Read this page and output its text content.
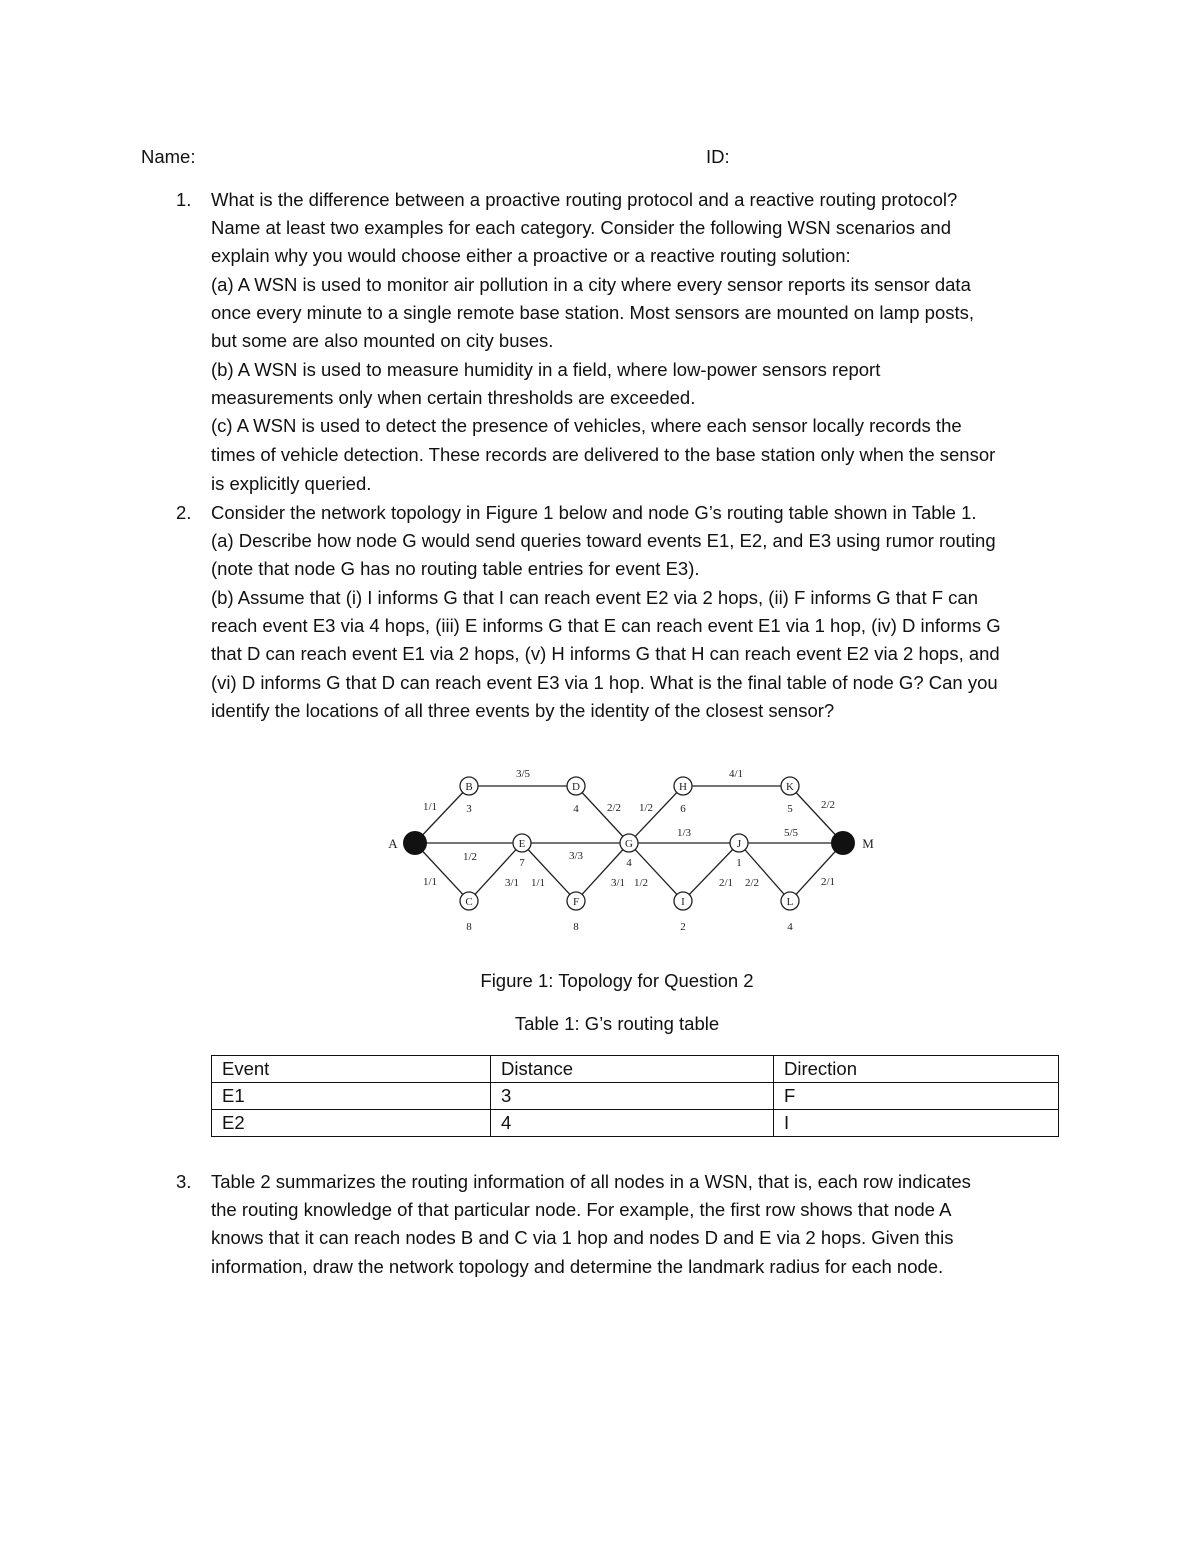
Name:	ID:
1. What is the difference between a proactive routing protocol and a reactive routing protocol?
Name at least two examples for each category. Consider the following WSN scenarios and
explain why you would choose either a proactive or a reactive routing solution:
(a) A WSN is used to monitor air pollution in a city where every sensor reports its sensor data
once every minute to a single remote base station. Most sensors are mounted on lamp posts,
but some are also mounted on city buses.
(b) A WSN is used to measure humidity in a field, where low-power sensors report
measurements only when certain thresholds are exceeded.
(c) A WSN is used to detect the presence of vehicles, where each sensor locally records the
times of vehicle detection. These records are delivered to the base station only when the sensor
is explicitly queried.
2. Consider the network topology in Figure 1 below and node G’s routing table shown in Table 1.
(a) Describe how node G would send queries toward events E1, E2, and E3 using rumor routing
(note that node G has no routing table entries for event E3).
(b) Assume that (i) I informs G that I can reach event E2 via 2 hops, (ii) F informs G that F can
reach event E3 via 4 hops, (iii) E informs G that E can reach event E1 via 1 hop, (iv) D informs G
that D can reach event E1 via 2 hops, (v) H informs G that H can reach event E2 via 2 hops, and
(vi) D informs G that D can reach event E3 via 1 hop. What is the final table of node G? Can you
identify the locations of all three events by the identity of the closest sensor?
A	M
B
C
D
E
F
G
H
I
J
K
L
3
8
4
7
8
4
6
2
1
5
4
1/1
1/1
1/2
3/5
2/2 1/2
3/1 1/1
3/3
3/1 1/2
1/3
4/1
2/1 2/2
5/5
2/2
2/1
Figure 1: Topology for Question 2
Table 1: G’s routing table
Event	Distance	Direction
E1	3	F
E2	4	I
3. Table 2 summarizes the routing information of all nodes in a WSN, that is, each row indicates
the routing knowledge of that particular node. For example, the first row shows that node A
knows that it can reach nodes B and C via 1 hop and nodes D and E via 2 hops. Given this
information, draw the network topology and determine the landmark radius for each node.
